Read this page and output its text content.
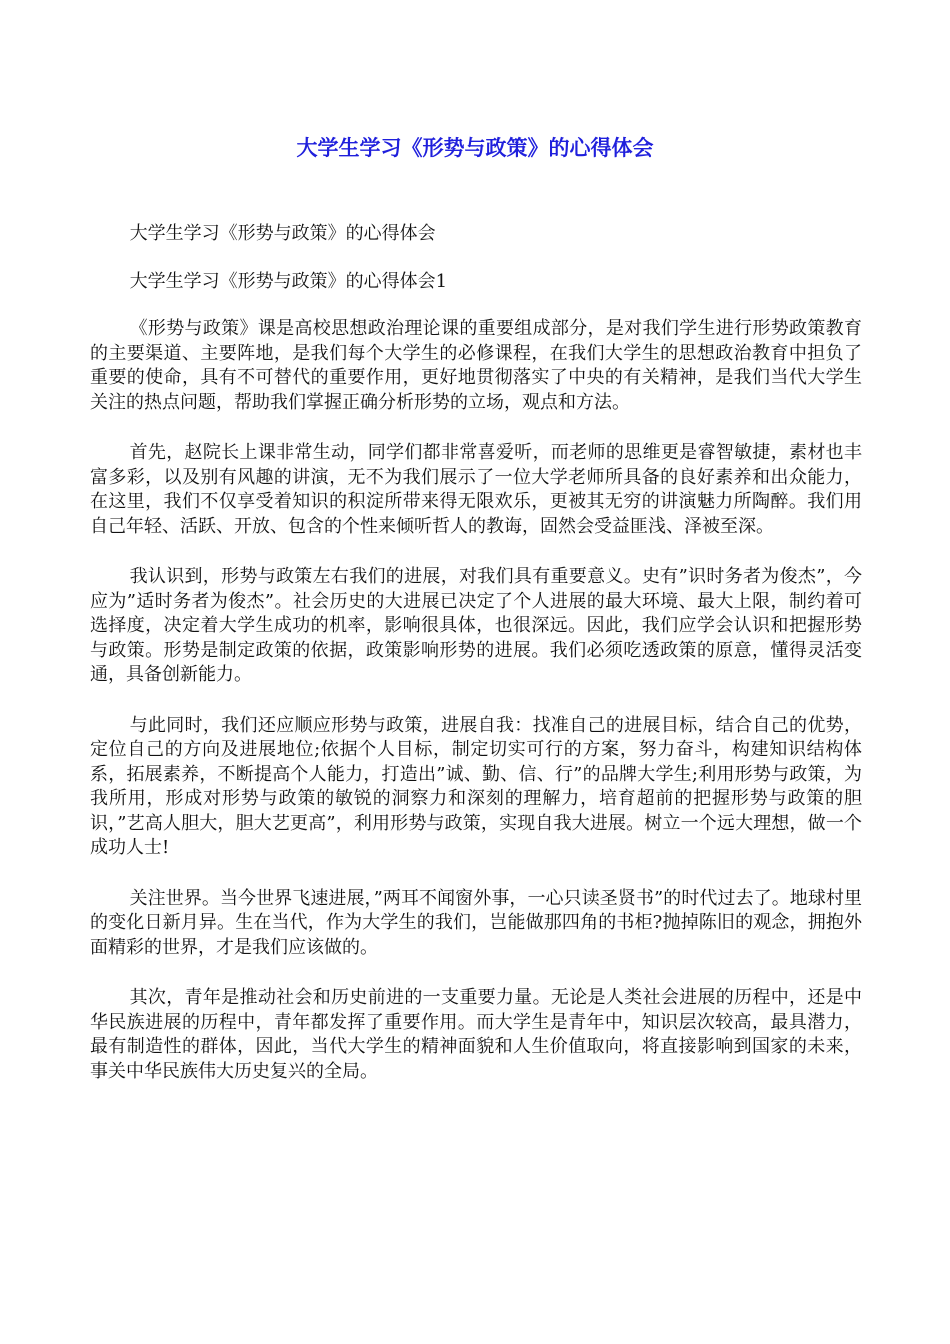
大学生学习《形势与政策》的心得体会

大学生学习《形势与政策》的心得体会

大学生学习《形势与政策》的心得体会1

《形势与政策》课是高校思想政治理论课的重要组成部分，是对我们学生进行形势政策教育的主要渠道、主要阵地，是我们每个大学生的必修课程，在我们大学生的思想政治教育中担负了重要的使命，具有不可替代的重要作用，更好地贯彻落实了中央的有关精神，是我们当代大学生关注的热点问题，帮助我们掌握正确分析形势的立场，观点和方法。

首先，赵院长上课非常生动，同学们都非常喜爱听，而老师的思维更是睿智敏捷，素材也丰富多彩，以及别有风趣的讲演，无不为我们展示了一位大学老师所具备的良好素养和出众能力，在这里，我们不仅享受着知识的积淀所带来得无限欢乐，更被其无穷的讲演魅力所陶醉。我们用自己年轻、活跃、开放、包含的个性来倾听哲人的教诲，固然会受益匪浅、泽被至深。

我认识到，形势与政策左右我们的进展，对我们具有重要意义。史有”识时务者为俊杰”，今应为”适时务者为俊杰”。社会历史的大进展已决定了个人进展的最大环境、最大上限，制约着可选择度，决定着大学生成功的机率，影响很具体，也很深远。因此，我们应学会认识和把握形势与政策。形势是制定政策的依据，政策影响形势的进展。我们必须吃透政策的原意，懂得灵活变通，具备创新能力。

与此同时，我们还应顺应形势与政策，进展自我：找准自己的进展目标，结合自己的优势，定位自己的方向及进展地位;依据个人目标，制定切实可行的方案，努力奋斗，构建知识结构体系，拓展素养，不断提高个人能力，打造出”诚、勤、信、行”的品牌大学生;利用形势与政策，为我所用，形成对形势与政策的敏锐的洞察力和深刻的理解力，培育超前的把握形势与政策的胆识，”艺高人胆大，胆大艺更高”，利用形势与政策，实现自我大进展。树立一个远大理想，做一个成功人士!

关注世界。当今世界飞速进展，”两耳不闻窗外事，一心只读圣贤书”的时代过去了。地球村里的变化日新月异。生在当代，作为大学生的我们，岂能做那四角的书柜?抛掉陈旧的观念，拥抱外面精彩的世界，才是我们应该做的。

其次，青年是推动社会和历史前进的一支重要力量。无论是人类社会进展的历程中，还是中华民族进展的历程中，青年都发挥了重要作用。而大学生是青年中，知识层次较高，最具潜力，最有制造性的群体，因此，当代大学生的精神面貌和人生价值取向，将直接影响到国家的未来，事关中华民族伟大历史复兴的全局。
